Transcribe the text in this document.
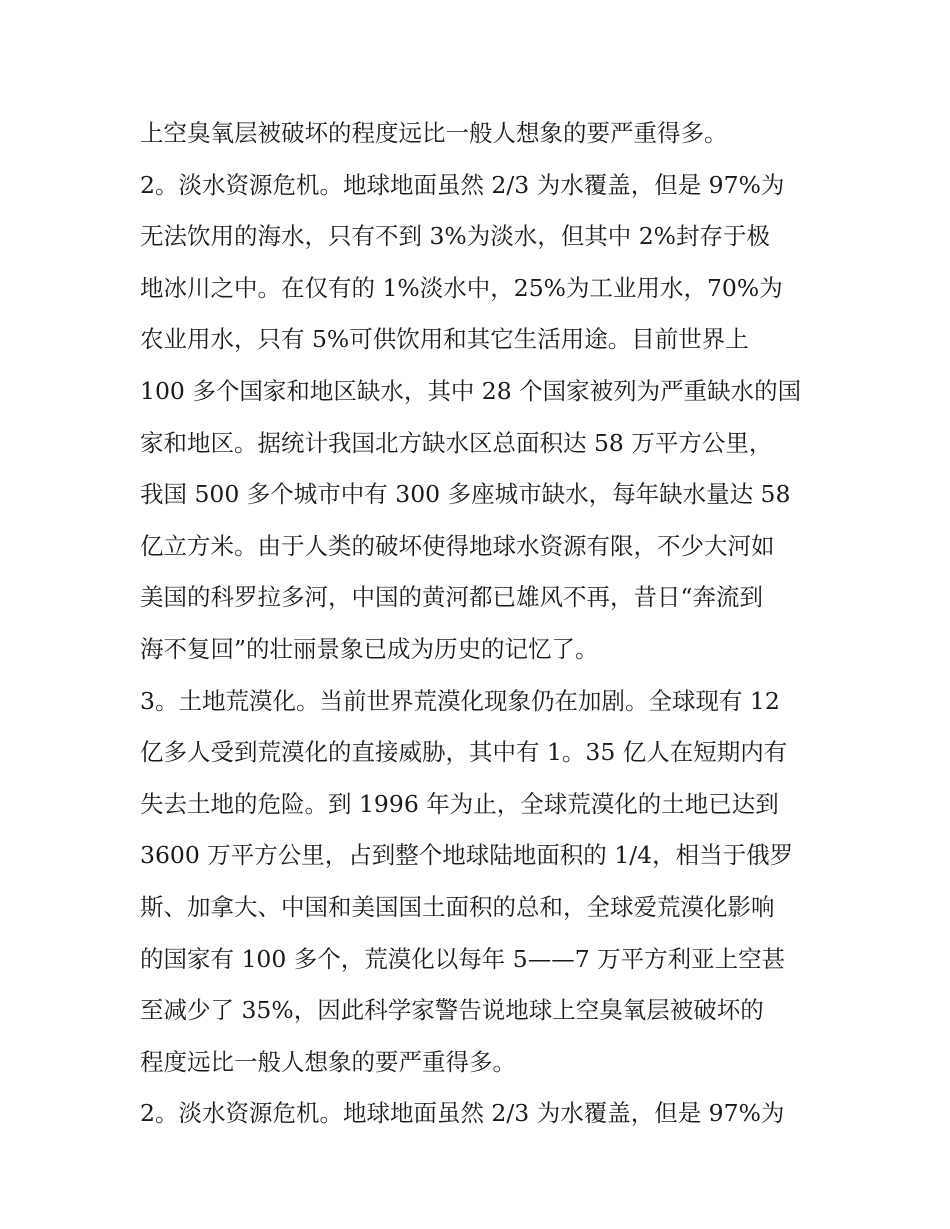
上空臭氧层被破坏的程度远比一般人想象的要严重得多。
2。淡水资源危机。地球地面虽然 2/3 为水覆盖，但是 97%为
无法饮用的海水，只有不到 3%为淡水，但其中 2%封存于极
地冰川之中。在仅有的 1%淡水中，25%为工业用水，70%为
农业用水，只有 5%可供饮用和其它生活用途。目前世界上
100 多个国家和地区缺水，其中 28 个国家被列为严重缺水的国
家和地区。据统计我国北方缺水区总面积达 58 万平方公里，
我国 500 多个城市中有 300 多座城市缺水，每年缺水量达 58
亿立方米。由于人类的破坏使得地球水资源有限，不少大河如
美国的科罗拉多河，中国的黄河都已雄风不再，昔日“奔流到
海不复回”的壮丽景象已成为历史的记忆了。
3。土地荒漠化。当前世界荒漠化现象仍在加剧。全球现有 12
亿多人受到荒漠化的直接威胁，其中有 1。35 亿人在短期内有
失去土地的危险。到 1996 年为止，全球荒漠化的土地已达到
3600 万平方公里，占到整个地球陆地面积的 1/4，相当于俄罗
斯、加拿大、中国和美国国土面积的总和，全球爱荒漠化影响
的国家有 100 多个，荒漠化以每年 5——7 万平方利亚上空甚
至减少了 35%，因此科学家警告说地球上空臭氧层被破坏的
程度远比一般人想象的要严重得多。
2。淡水资源危机。地球地面虽然 2/3 为水覆盖，但是 97%为
